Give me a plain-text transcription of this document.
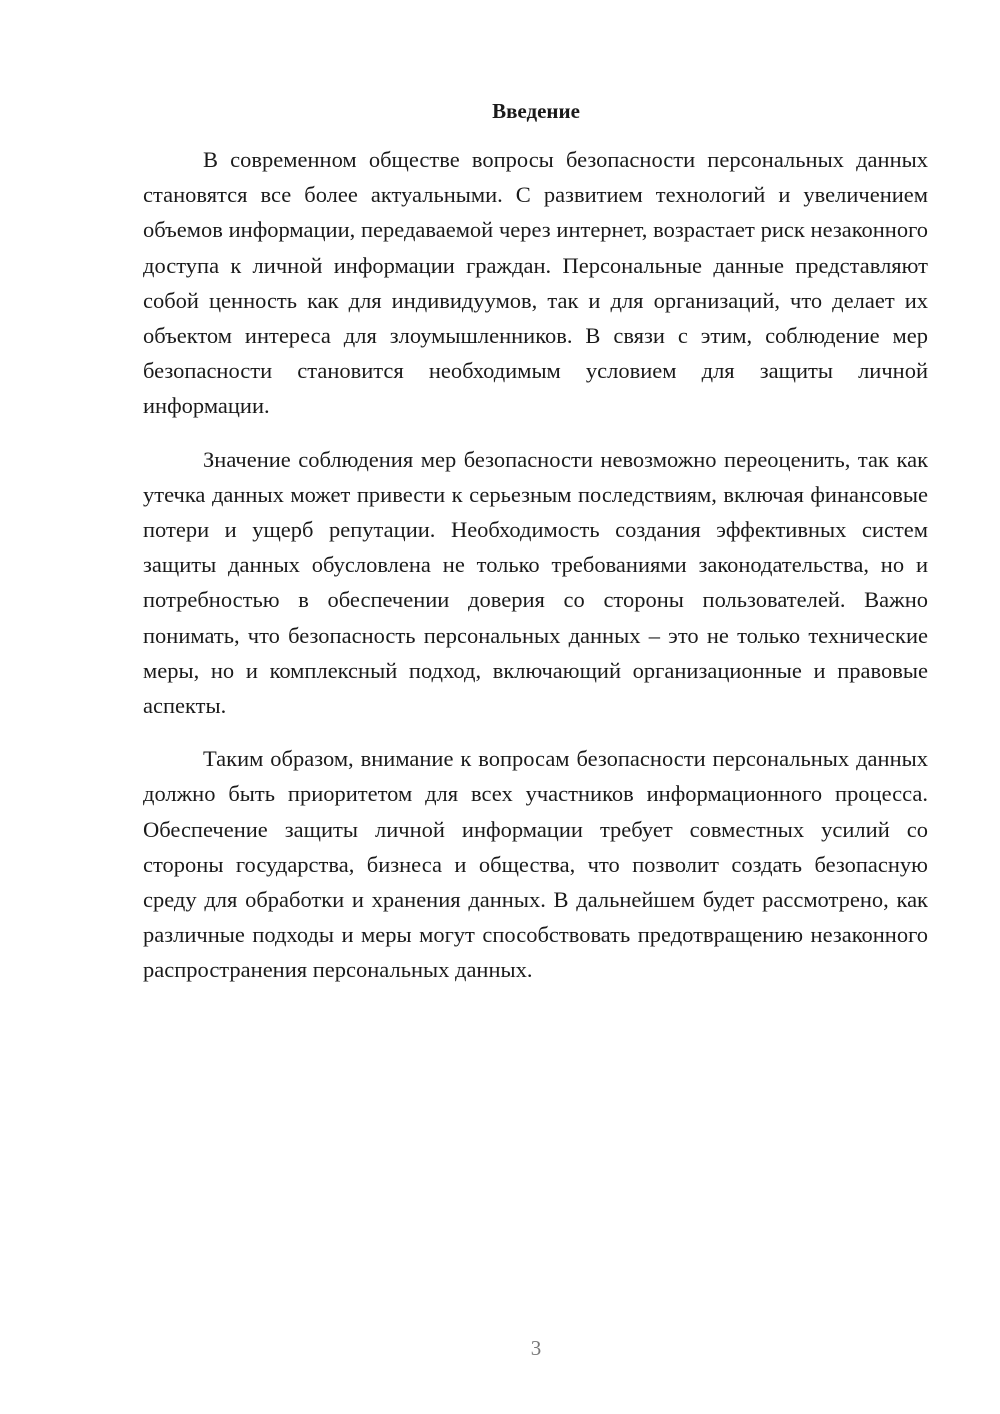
Введение

В современном обществе вопросы безопасности персональных данных становятся все более актуальными. С развитием технологий и увеличением объемов информации, передаваемой через интернет, возрастает риск незаконного доступа к личной информации граждан. Персональные данные представляют собой ценность как для индивидуумов, так и для организаций, что делает их объектом интереса для злоумышленников. В связи с этим, соблюдение мер безопасности становится необходимым условием для защиты личной информации.

Значение соблюдения мер безопасности невозможно переоценить, так как утечка данных может привести к серьезным последствиям, включая финансовые потери и ущерб репутации. Необходимость создания эффективных систем защиты данных обусловлена не только требованиями законодательства, но и потребностью в обеспечении доверия со стороны пользователей. Важно понимать, что безопасность персональных данных – это не только технические меры, но и комплексный подход, включающий организационные и правовые аспекты.

Таким образом, внимание к вопросам безопасности персональных данных должно быть приоритетом для всех участников информационного процесса. Обеспечение защиты личной информации требует совместных усилий со стороны государства, бизнеса и общества, что позволит создать безопасную среду для обработки и хранения данных. В дальнейшем будет рассмотрено, как различные подходы и меры могут способствовать предотвращению незаконного распространения персональных данных.

3
